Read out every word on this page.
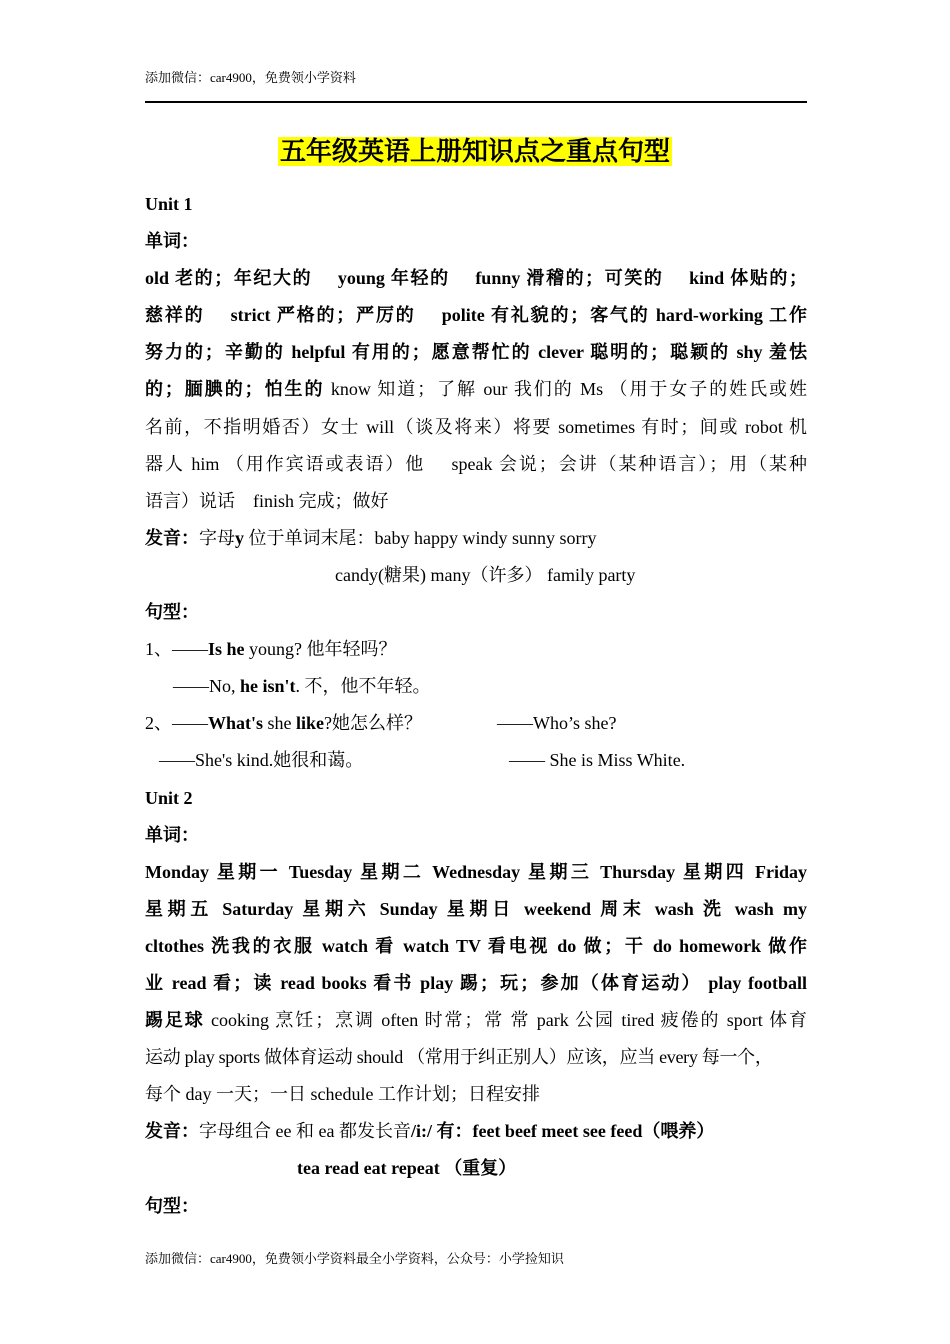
添加微信：car4900，免费领小学资料
五年级英语上册知识点之重点句型
Unit 1
单词：
old 老的；年纪大的　 young 年轻的　 funny 滑稽的；可笑的　 kind 体贴的；
慈祥的　 strict 严格的；严厉的　 polite 有礼貌的；客气的 hard-working 工作
努力的；辛勤的 helpful 有用的；愿意帮忙的 clever 聪明的；聪颖的 shy 羞怯
的；腼腆的；怕生的 know 知道；了解 our 我们的 Ms （用于女子的姓氏或姓
名前，不指明婚否）女士 will（谈及将来）将要 sometimes 有时；间或 robot 机
器人 him （用作宾语或表语）他　 speak 会说；会讲（某种语言）；用（某种
语言）说话　finish 完成；做好
发音：字母y 位于单词末尾：baby happy windy sunny sorry
candy(糖果) many（许多） family party
句型：
1、——Is he young? 他年轻吗？
——No, he isn't. 不，他不年轻。
2、——What's she like?她怎么样？	——Who’s she?
——She's kind.她很和蔼。	—— She is Miss White.
Unit 2
单词：
Monday 星期一 Tuesday 星期二 Wednesday 星期三 Thursday 星期四 Friday
星期五 Saturday 星期六 Sunday 星期日 weekend 周末 wash 洗 wash my
cltothes 洗我的衣服 watch 看 watch TV 看电视 do 做；干 do homework 做作
业 read 看；读 read books 看书 play 踢；玩；参加（体育运动） play football
踢足球 cooking 烹饪；烹调 often 时常；常 常 park 公园 tired 疲倦的 sport 体育
运动 play sports 做体育运动 should （常用于纠正别人）应该，应当 every 每一个，
每个 day 一天；一日 schedule 工作计划；日程安排
发音：字母组合 ee 和 ea 都发长音/i:/ 有：feet beef meet see feed（喂养）
tea read eat repeat （重复）
句型：
添加微信：car4900，免费领小学资料最全小学资料，公众号：小学捡知识
